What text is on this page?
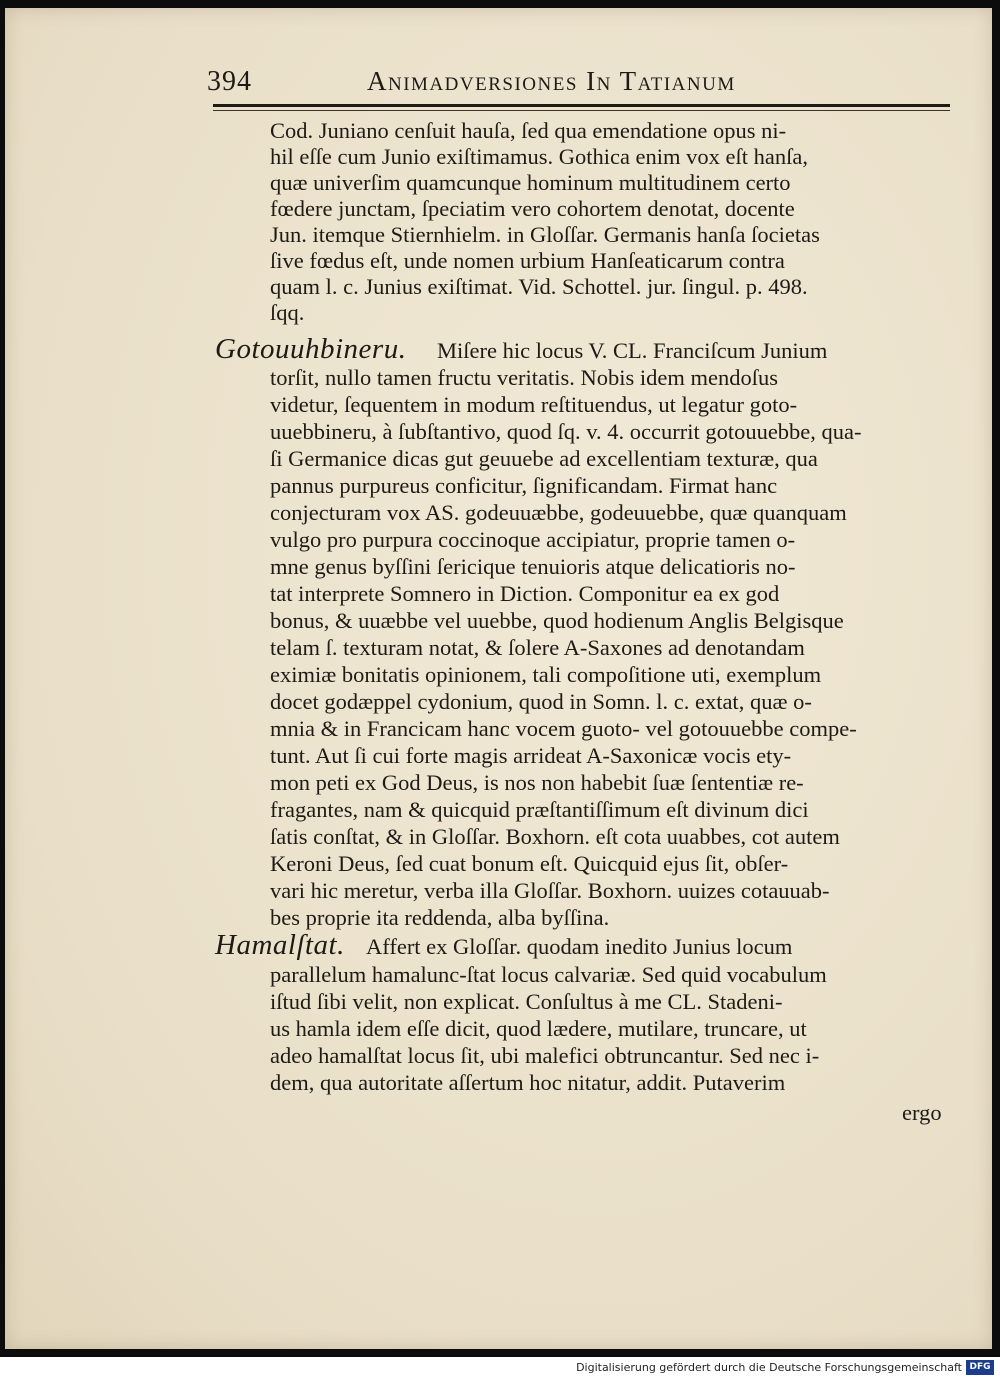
394	Animadversiones In Tatianum
Cod. Juniano cenſuit hauſa, ſed qua emendatione opus ni-
hil eſſe cum Junio exiſtimamus. Gothica enim vox eſt hanſa,
quæ univerſim quamcunque hominum multitudinem certo
fœdere junctam, ſpeciatim vero cohortem denotat, docente
Jun. itemque Stiernhielm. in Gloſſar. Germanis hanſa ſocietas
ſive fœdus eſt, unde nomen urbium Hanſeaticarum contra
quam l. c. Junius exiſtimat. Vid. Schottel. jur. ſingul. p. 498.
ſqq.
Gotouuhbineru. Miſere hic locus V. CL. Franciſcum Junium
torſit, nullo tamen fructu veritatis. Nobis idem mendoſus
videtur, ſequentem in modum reſtituendus, ut legatur goto-
uuebbineru, à ſubſtantivo, quod ſq. v. 4. occurrit gotouuebbe, qua-
ſi Germanice dicas gut geuuebe ad excellentiam texturæ, qua
pannus purpureus conficitur, ſignificandam. Firmat hanc
conjecturam vox AS. godeuuæbbe, godeuuebbe, quæ quanquam
vulgo pro purpura coccinoque accipiatur, proprie tamen o-
mne genus byſſini ſericique tenuioris atque delicatioris no-
tat interprete Somnero in Diction. Componitur ea ex god
bonus, & uuæbbe vel uuebbe, quod hodienum Anglis Belgisque
telam ſ. texturam notat, & ſolere A-Saxones ad denotandam
eximiæ bonitatis opinionem, tali compoſitione uti, exemplum
docet godæppel cydonium, quod in Somn. l. c. extat, quæ o-
mnia & in Francicam hanc vocem guoto- vel gotouuebbe compe-
tunt. Aut ſi cui forte magis arrideat A-Saxonicæ vocis ety-
mon peti ex God Deus, is nos non habebit ſuæ ſententiæ re-
fragantes, nam & quicquid præſtantiſſimum eſt divinum dici
ſatis conſtat, & in Gloſſar. Boxhorn. eſt cota uuabbes, cot autem
Keroni Deus, ſed cuat bonum eſt. Quicquid ejus ſit, obſer-
vari hic meretur, verba illa Gloſſar. Boxhorn. uuizes cotauuab-
bes proprie ita reddenda, alba byſſina.
Hamalſtat. Affert ex Gloſſar. quodam inedito Junius locum
parallelum hamalunc-ſtat locus calvariæ. Sed quid vocabulum
iſtud ſibi velit, non explicat. Conſultus à me CL. Stadeni-
us hamla idem eſſe dicit, quod lædere, mutilare, truncare, ut
adeo hamalſtat locus ſit, ubi malefici obtruncantur. Sed nec i-
dem, qua autoritate aſſertum hoc nitatur, addit. Putaverim
ergo
Digitalisierung gefördert durch die Deutsche Forschungsgemeinschaft DFG
